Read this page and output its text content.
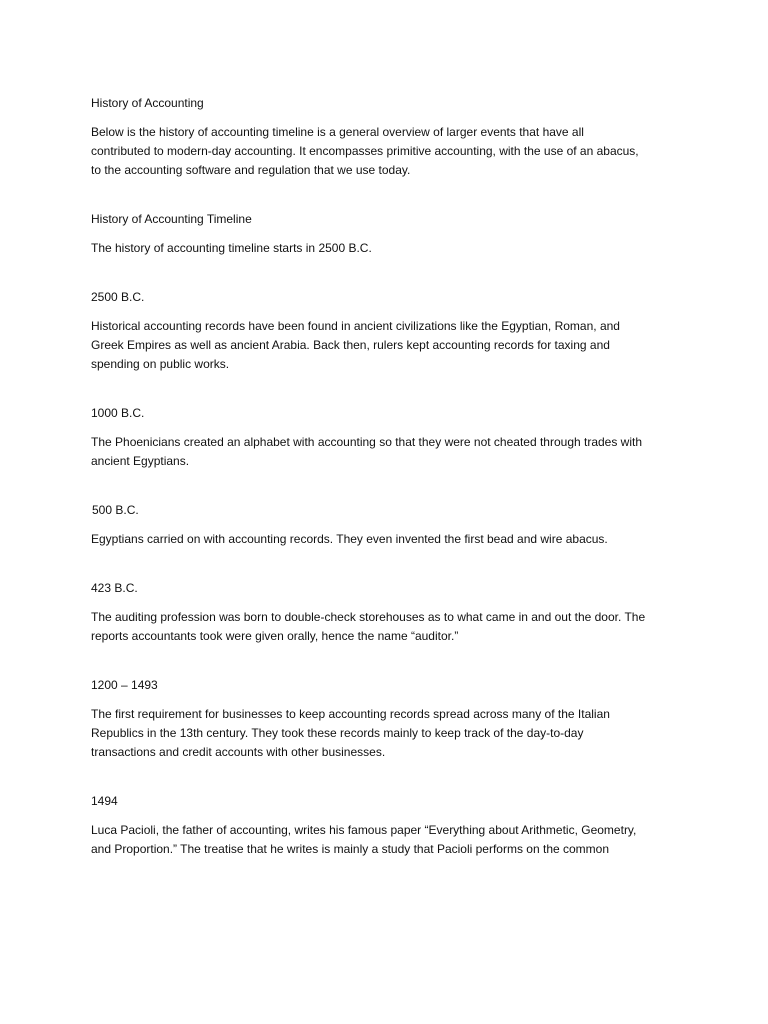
History of Accounting

Below is the history of accounting timeline is a general overview of larger events that have all
contributed to modern-day accounting. It encompasses primitive accounting, with the use of an abacus,
to the accounting software and regulation that we use today.

History of Accounting Timeline

The history of accounting timeline starts in 2500 B.C.

2500 B.C.

Historical accounting records have been found in ancient civilizations like the Egyptian, Roman, and
Greek Empires as well as ancient Arabia. Back then, rulers kept accounting records for taxing and
spending on public works.

1000 B.C.

The Phoenicians created an alphabet with accounting so that they were not cheated through trades with
ancient Egyptians.

500 B.C.

Egyptians carried on with accounting records. They even invented the first bead and wire abacus.

423 B.C.

The auditing profession was born to double-check storehouses as to what came in and out the door. The
reports accountants took were given orally, hence the name “auditor.”

1200 – 1493

The first requirement for businesses to keep accounting records spread across many of the Italian
Republics in the 13th century. They took these records mainly to keep track of the day-to-day
transactions and credit accounts with other businesses.

1494

Luca Pacioli, the father of accounting, writes his famous paper “Everything about Arithmetic, Geometry,
and Proportion.” The treatise that he writes is mainly a study that Pacioli performs on the common
